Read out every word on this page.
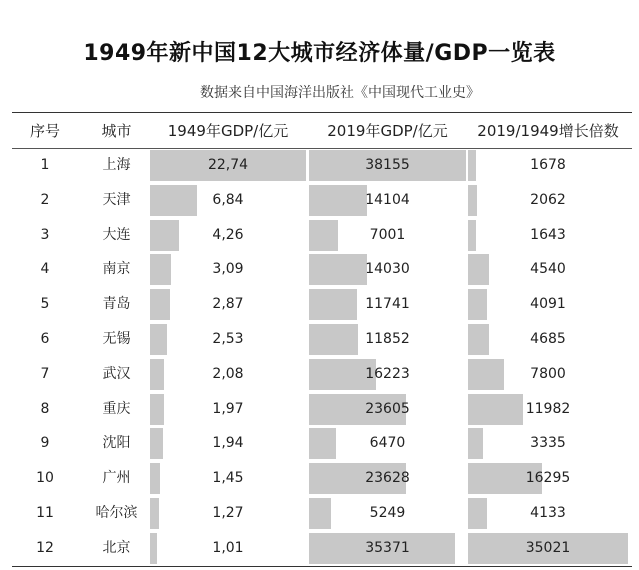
1949年新中国12大城市经济体量/GDP一览表
数据来自中国海洋出版社《中国现代工业史》
序号	城市	1949年GDP/亿元	2019年GDP/亿元	2019/1949增长倍数
1	上海	22,74	38155	1678
2	天津	6,84	14104	2062
3	大连	4,26	7001	1643
4	南京	3,09	14030	4540
5	青岛	2,87	11741	4091
6	无锡	2,53	11852	4685
7	武汉	2,08	16223	7800
8	重庆	1,97	23605	11982
9	沈阳	1,94	6470	3335
10	广州	1,45	23628	16295
11	哈尔滨	1,27	5249	4133
12	北京	1,01	35371	35021
